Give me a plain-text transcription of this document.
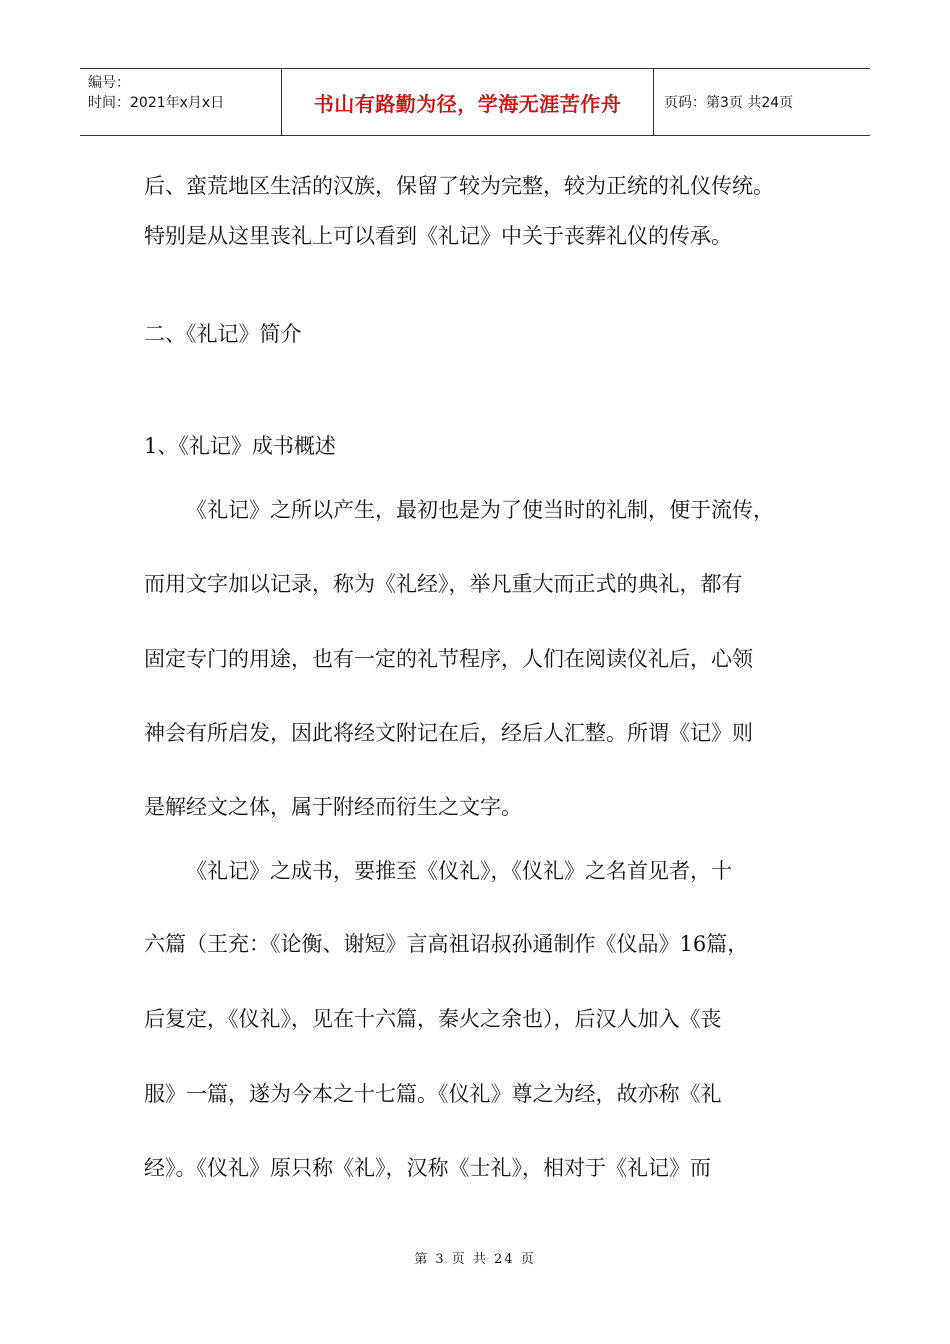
编号：
时间：2021年x月x日	书山有路勤为径，学海无涯苦作舟	页码：第3页 共24页
后、蛮荒地区生活的汉族，保留了较为完整，较为正统的礼仪传统。
特别是从这里丧礼上可以看到《礼记》中关于丧葬礼仪的传承。
二、《礼记》简介
1、《礼记》成书概述
《礼记》之所以产生，最初也是为了使当时的礼制，便于流传，
而用文字加以记录，称为《礼经》，举凡重大而正式的典礼，都有
固定专门的用途，也有一定的礼节程序，人们在阅读仪礼后，心领
神会有所启发，因此将经文附记在后，经后人汇整。所谓《记》则
是解经文之体，属于附经而衍生之文字。
《礼记》之成书，要推至《仪礼》，《仪礼》之名首见者，十
六篇（王充：《论衡、谢短》言高祖诏叔孙通制作《仪品》16篇，
后复定，《仪礼》，见在十六篇，秦火之余也），后汉人加入《丧
服》一篇，遂为今本之十七篇。《仪礼》尊之为经，故亦称《礼
经》。《仪礼》原只称《礼》，汉称《士礼》，相对于《礼记》而
第 3 页 共 24 页
